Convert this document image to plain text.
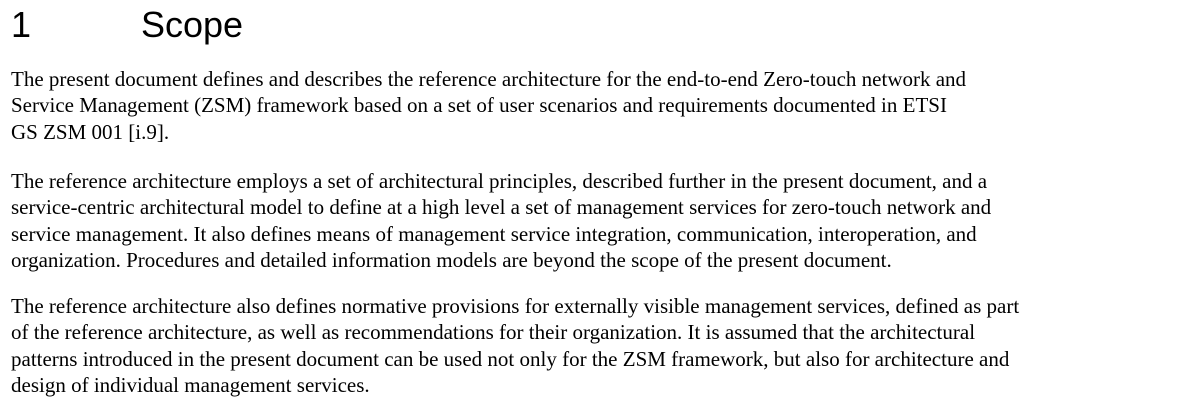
1	Scope
The present document defines and describes the reference architecture for the end-to-end Zero-touch network and
Service Management (ZSM) framework based on a set of user scenarios and requirements documented in ETSI
GS ZSM 001 [i.9].
The reference architecture employs a set of architectural principles, described further in the present document, and a
service-centric architectural model to define at a high level a set of management services for zero-touch network and
service management. It also defines means of management service integration, communication, interoperation, and
organization. Procedures and detailed information models are beyond the scope of the present document.
The reference architecture also defines normative provisions for externally visible management services, defined as part
of the reference architecture, as well as recommendations for their organization. It is assumed that the architectural
patterns introduced in the present document can be used not only for the ZSM framework, but also for architecture and
design of individual management services.
